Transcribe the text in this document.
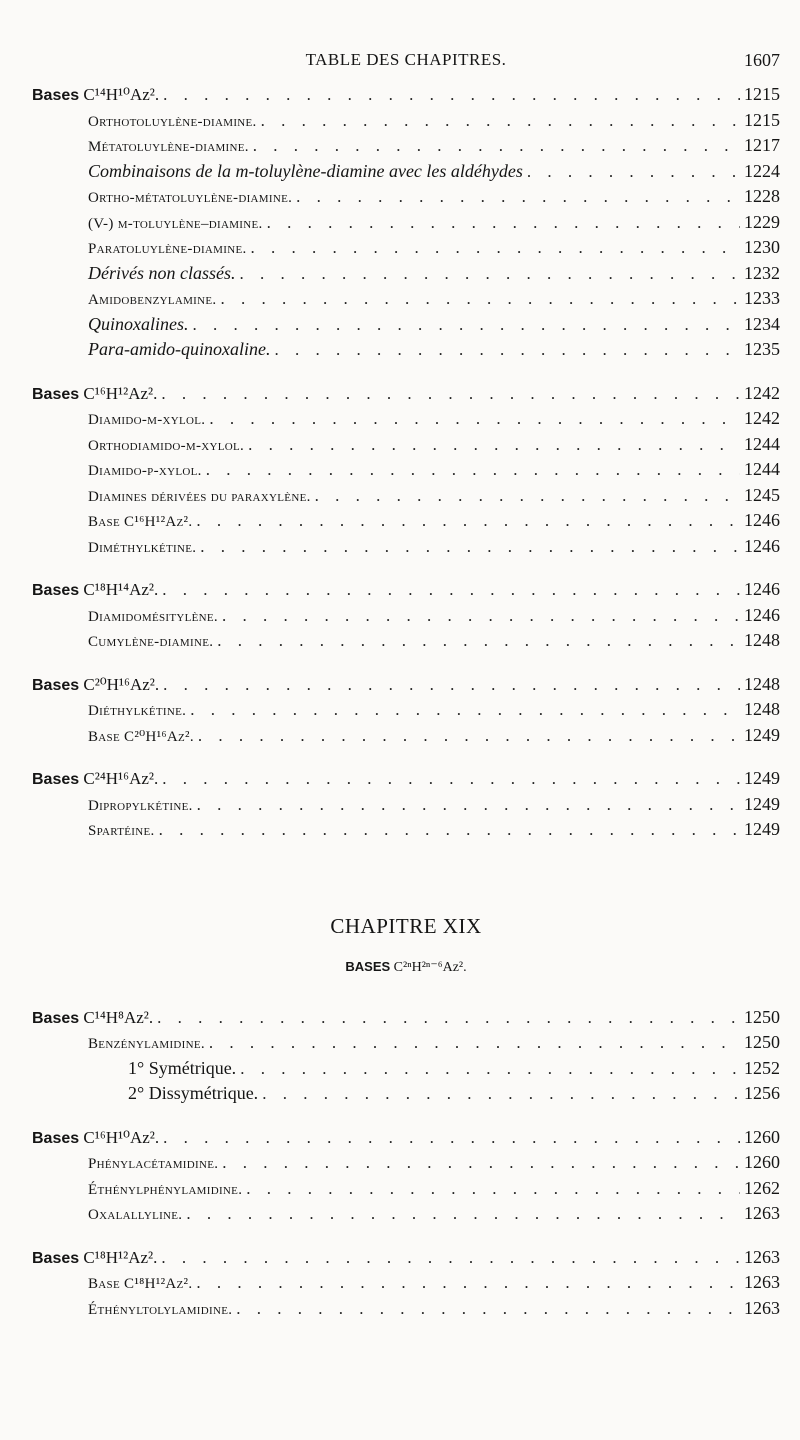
TABLE DES CHAPITRES.	1607
Bases C¹⁴H¹⁰Az². . . .	1215
Orthotoluylène-diamine. . . .	1215
Métatoluylène-diamine. . . .	1217
Combinaisons de la m-toluylène-diamine avec les aldéhydes . . .	1224
Ortho-métatoluylène-diamine. . . .	1228
(V-) m-toluylène–diamine. . . .	1229
Paratoluylène-diamine. . . .	1230
Dérivés non classés. . . .	1232
Amidobenzylamine. . . .	1233
Quinoxalines. . . .	1234
Para-amido-quinoxaline. . . .	1235
Bases C¹⁶H¹²Az². . . .	1242
Diamido-m-xylol. . . .	1242
Orthodiamido-m-xylol. . . .	1244
Diamido-p-xylol. . . .	1244
Diamines dérivées du paraxylène. . . .	1245
Base C¹⁶H¹²Az². . . .	1246
Diméthylkétine. . . .	1246
Bases C¹⁸H¹⁴Az². . . .	1246
Diamidomésitylène. . . .	1246
Cumylène-diamine. . . .	1248
Bases C²⁰H¹⁶Az². . . .	1248
Diéthylkétine. . . .	1248
Base C²⁰H¹⁶Az². . . .	1249
Bases C²⁴H¹⁶Az². . . .	1249
Dipropylkétine. . . .	1249
Spartéine. . . .	1249
CHAPITRE XIX
BASES C²ⁿH²ⁿ⁻⁶Az².
Bases C¹⁴H⁸Az². . . .	1250
Benzénylamidine. . . .	1250
1° Symétrique. . . .	1252
2° Dissymétrique. . . .	1256
Bases C¹⁶H¹⁰Az². . . .	1260
Phénylacétamidine. . . .	1260
Éthénylphénylamidine. . . .	1262
Oxalallyline. . . .	1263
Bases C¹⁸H¹²Az². . . .	1263
Base C¹⁸H¹²Az². . . .	1263
Éthényltolylamidine. . . .	1263
